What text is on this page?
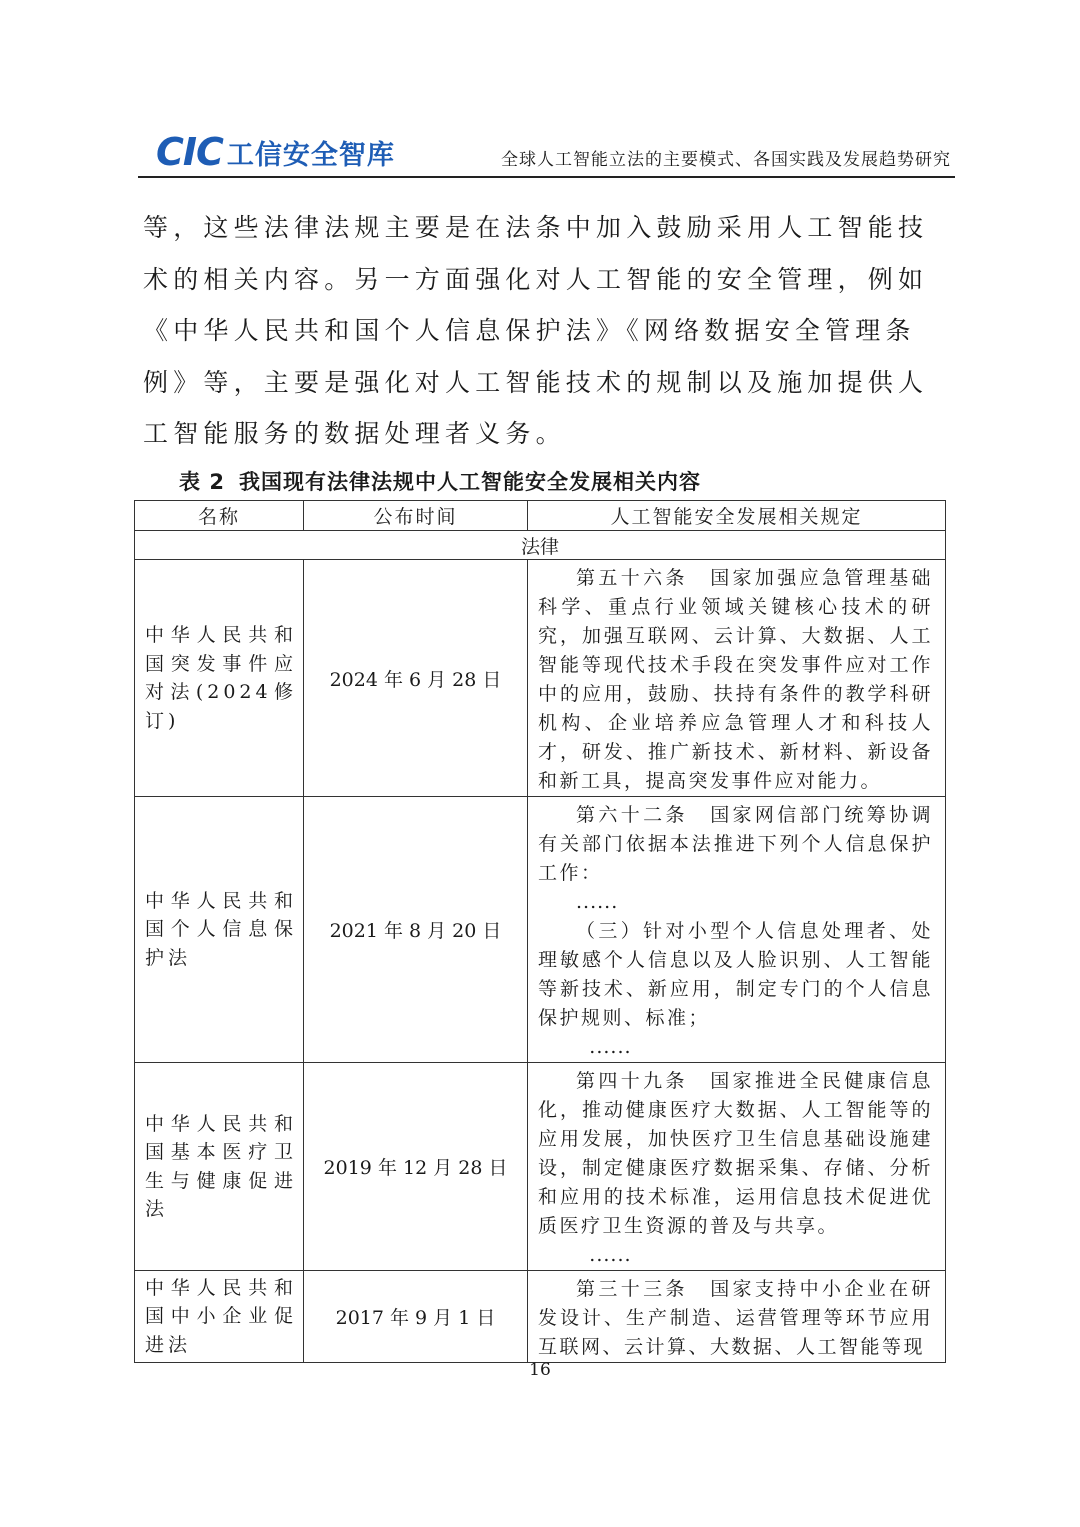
CIC 工信安全智库	全球人工智能立法的主要模式、各国实践及发展趋势研究

等，这些法律法规主要是在法条中加入鼓励采用人工智能技术的相关内容。另一方面强化对人工智能的安全管理，例如《中华人民共和国个人信息保护法》《网络数据安全管理条例》等，主要是强化对人工智能技术的规制以及施加提供人工智能服务的数据处理者义务。

表 2 我国现有法律法规中人工智能安全发展相关内容
名称	公布时间	人工智能安全发展相关规定
法律		
中华人民共和国突发事件应对法(2024修订)	2024 年 6 月 28 日	第五十六条　国家加强应急管理基础科学、重点行业领域关键核心技术的研究，加强互联网、云计算、大数据、人工智能等现代技术手段在突发事件应对工作中的应用，鼓励、扶持有条件的教学科研机构、企业培养应急管理人才和科技人才，研发、推广新技术、新材料、新设备和新工具，提高突发事件应对能力。

中华人民共和国个人信息保护法	2021 年 8 月 20 日	第六十二条　国家网信部门统筹协调有关部门依据本法推进下列个人信息保护工作：

......

（三）针对小型个人信息处理者、处理敏感个人信息以及人脸识别、人工智能等新技术、新应用，制定专门的个人信息保护规则、标准；

......

中华人民共和国基本医疗卫生与健康促进法	2019 年 12 月 28 日	第四十九条　国家推进全民健康信息化，推动健康医疗大数据、人工智能等的应用发展，加快医疗卫生信息基础设施建设，制定健康医疗数据采集、存储、分析和应用的技术标准，运用信息技术促进优质医疗卫生资源的普及与共享。

......

中华人民共和国中小企业促进法	2017 年 9 月 1 日	第三十三条　国家支持中小企业在研发设计、生产制造、运营管理等环节应用互联网、云计算、大数据、人工智能等现

16
